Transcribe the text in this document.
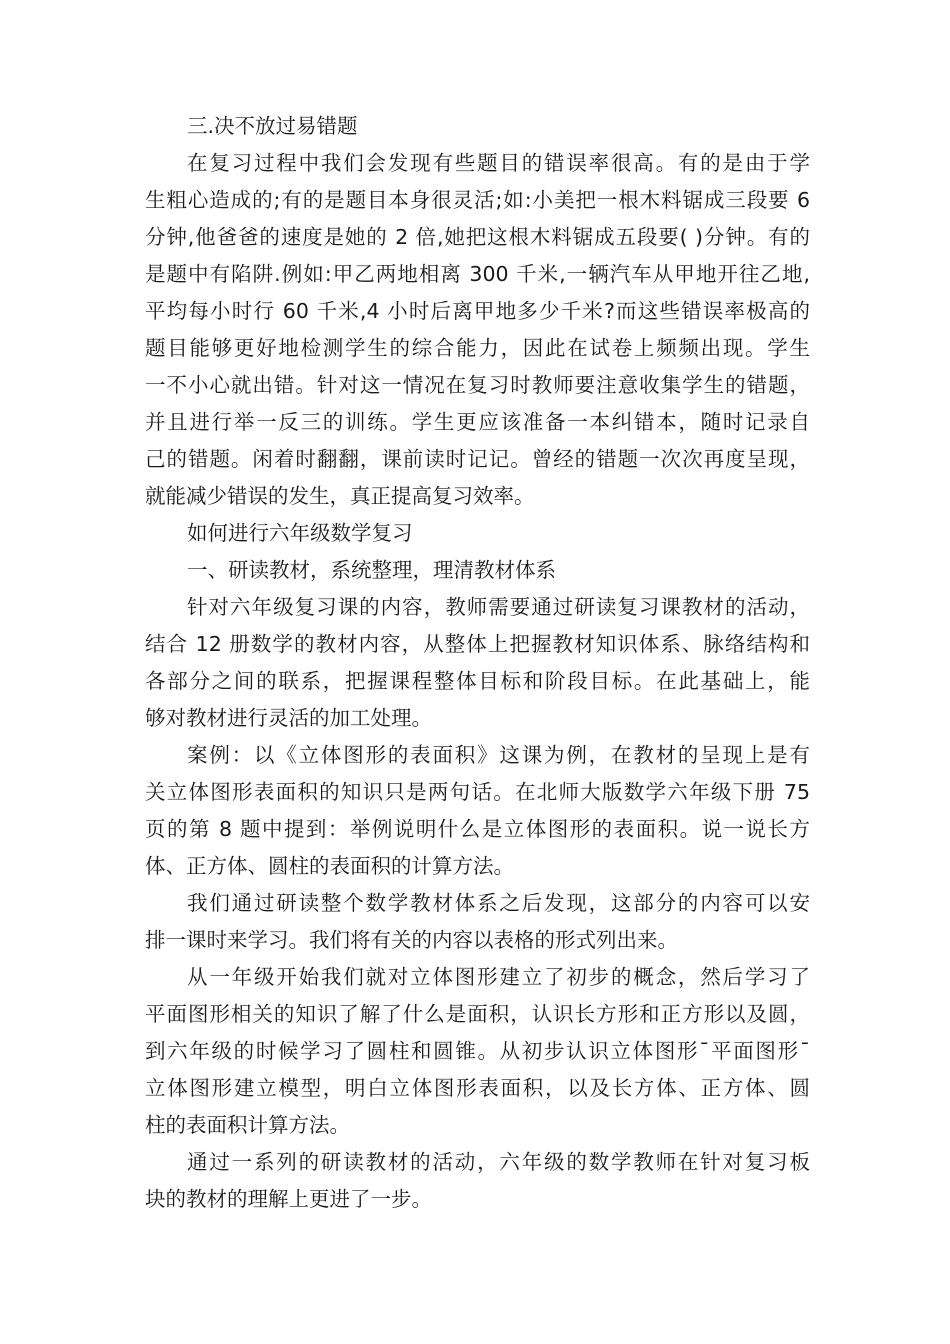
三.决不放过易错题
在复习过程中我们会发现有些题目的错误率很高。有的是由于学
生粗心造成的;有的是题目本身很灵活;如:小美把一根木料锯成三段要 6
分钟,他爸爸的速度是她的 2 倍,她把这根木料锯成五段要( )分钟。有的
是题中有陷阱.例如:甲乙两地相离 300 千米,一辆汽车从甲地开往乙地,
平均每小时行 60 千米,4 小时后离甲地多少千米?而这些错误率极高的
题目能够更好地检测学生的综合能力，因此在试卷上频频出现。学生
一不小心就出错。针对这一情况在复习时教师要注意收集学生的错题，
并且进行举一反三的训练。学生更应该准备一本纠错本，随时记录自
己的错题。闲着时翻翻，课前读时记记。曾经的错题一次次再度呈现，
就能减少错误的发生，真正提高复习效率。
如何进行六年级数学复习
一、研读教材，系统整理，理清教材体系
针对六年级复习课的内容，教师需要通过研读复习课教材的活动，
结合 12 册数学的教材内容，从整体上把握教材知识体系、脉络结构和
各部分之间的联系，把握课程整体目标和阶段目标。在此基础上，能
够对教材进行灵活的加工处理。
案例：以《立体图形的表面积》这课为例，在教材的呈现上是有
关立体图形表面积的知识只是两句话。在北师大版数学六年级下册 75
页的第 8 题中提到：举例说明什么是立体图形的表面积。说一说长方
体、正方体、圆柱的表面积的计算方法。
我们通过研读整个数学教材体系之后发现，这部分的内容可以安
排一课时来学习。我们将有关的内容以表格的形式列出来。
从一年级开始我们就对立体图形建立了初步的概念，然后学习了
平面图形相关的知识了解了什么是面积，认识长方形和正方形以及圆，
到六年级的时候学习了圆柱和圆锥。从初步认识立体图形¯平面图形¯
立体图形建立模型，明白立体图形表面积，以及长方体、正方体、圆
柱的表面积计算方法。
通过一系列的研读教材的活动，六年级的数学教师在针对复习板
块的教材的理解上更进了一步。
